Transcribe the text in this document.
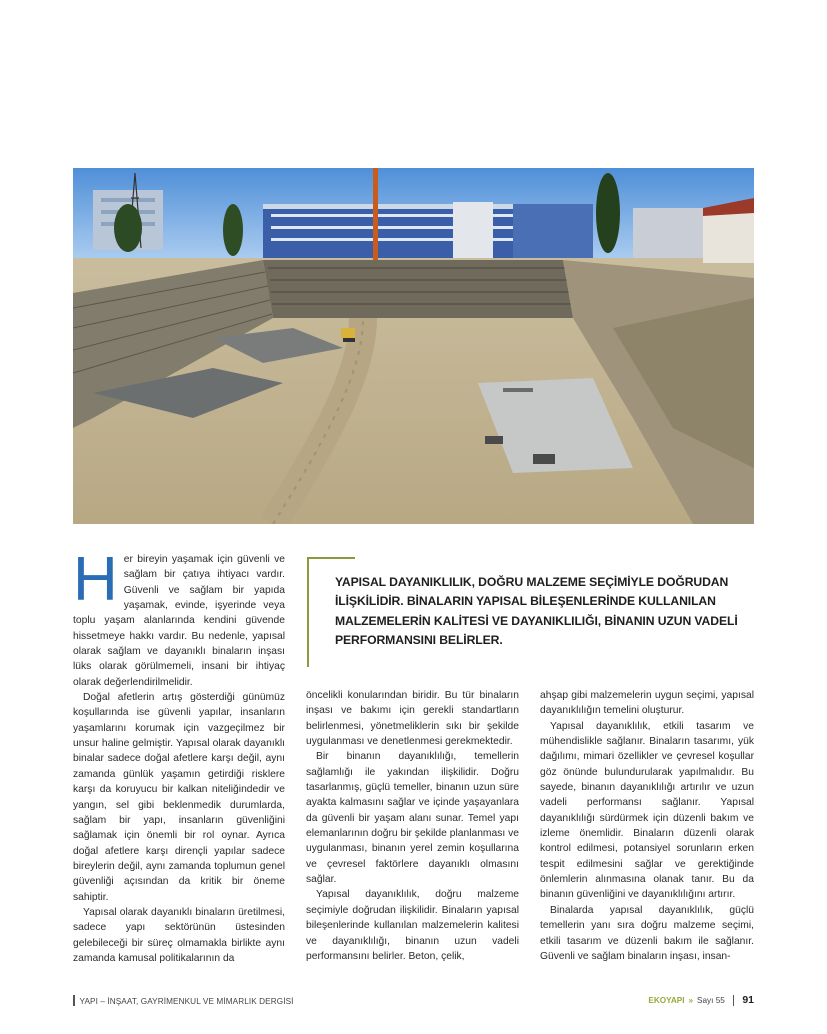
H er bireyin yaşamak için güvenli ve sağlam bir çatıya ihtiyacı vardır. Güvenli ve sağlam bir yapıda yaşamak, evinde, işyerinde veya toplu yaşam alanlarında kendini güvende hissetmeye hakkı vardır. Bu nedenle, yapısal olarak sağlam ve dayanıklı binaların inşası lüks olarak görülmemeli, insani bir ihtiyaç olarak değerlendirilmelidir.

Doğal afetlerin artış gösterdiği günümüz koşullarında ise güvenli yapılar, insanların yaşamlarını korumak için vazgeçilmez bir unsur haline gelmiştir. Yapısal olarak dayanıklı binalar sadece doğal afetlere karşı değil, aynı zamanda günlük yaşamın getirdiği risklere karşı da koruyucu bir kalkan niteliğindedir ve yangın, sel gibi beklenmedik durumlarda, sağlam bir yapı, insanların güvenliğini sağlamak için önemli bir rol oynar. Ayrıca doğal afetlere karşı dirençli yapılar sadece bireylerin değil, aynı zamanda toplumun genel güvenliği açısından da kritik bir öneme sahiptir.

Yapısal olarak dayanıklı binaların üretilmesi, sadece yapı sektörünün üstesinden gelebileceği bir süreç olmamakla birlikte aynı zamanda kamusal politikalarının da

YAPISAL DAYANIKLILIK, DOĞRU MALZEME SEÇİMİYLE DOĞRUDAN İLİŞKİLİDİR. BİNALARIN YAPISAL BİLEŞENLERİNDE KULLANILAN MALZEMELERİN KALİTESİ VE DAYANIKLILIĞI, BİNANIN UZUN VADELİ PERFORMANSINI BELİRLER.

öncelikli konularından biridir. Bu tür binaların inşası ve bakımı için gerekli standartların belirlenmesi, yönetmeliklerin sıkı bir şekilde uygulanması ve denetlenmesi gerekmektedir.

Bir binanın dayanıklılığı, temellerin sağlamlığı ile yakından ilişkilidir. Doğru tasarlanmış, güçlü temeller, binanın uzun süre ayakta kalmasını sağlar ve içinde yaşayanlara da güvenli bir yaşam alanı sunar. Temel yapı elemanlarının doğru bir şekilde planlanması ve uygulanması, binanın yerel zemin koşullarına ve çevresel faktörlere dayanıklı olmasını sağlar.

Yapısal dayanıklılık, doğru malzeme seçimiyle doğrudan ilişkilidir. Binaların yapısal bileşenlerinde kullanılan malzemelerin kalitesi ve dayanıklılığı, binanın uzun vadeli performansını belirler. Beton, çelik,

ahşap gibi malzemelerin uygun seçimi, yapısal dayanıklılığın temelini oluşturur.

Yapısal dayanıklılık, etkili tasarım ve mühendislikle sağlanır. Binaların tasarımı, yük dağılımı, mimari özellikler ve çevresel koşullar göz önünde bulundurularak yapılmalıdır. Bu sayede, binanın dayanıklılığı artırılır ve uzun vadeli performansı sağlanır. Yapısal dayanıklılığı sürdürmek için düzenli bakım ve izleme önemlidir. Binaların düzenli olarak kontrol edilmesi, potansiyel sorunların erken tespit edilmesini sağlar ve gerektiğinde önlemlerin alınmasına olanak tanır. Bu da binanın güvenliğini ve dayanıklılığını artırır.

Binalarda yapısal dayanıklılık, güçlü temellerin yanı sıra doğru malzeme seçimi, etkili tasarım ve düzenli bakım ile sağlanır. Güvenli ve sağlam binaların inşası, insan-

YAPI – İNŞAAT, GAYRİMENKUL VE MİMARLIK DERGİSİ	EKOYAPI » Sayı 55 91
